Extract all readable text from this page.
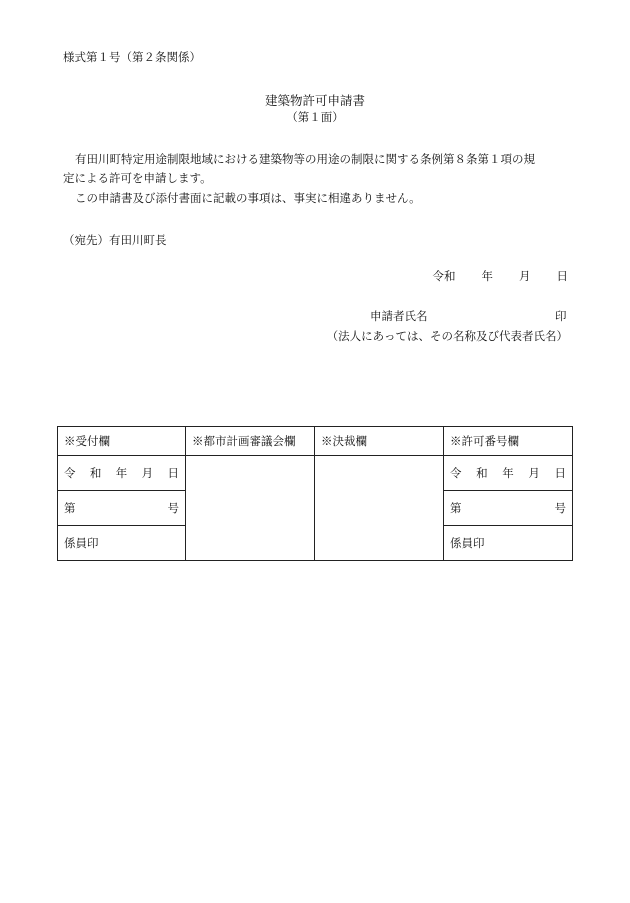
様式第１号（第２条関係）
建築物許可申請書
（第１面）
有田川町特定用途制限地域における建築物等の用途の制限に関する条例第８条第１項の規
定による許可を申請します。
この申請書及び添付書面に記載の事項は、事実に相違ありません。
（宛先）有田川町長
令和 年 月 日
申請者氏名	印
（法人にあっては、その名称及び代表者氏名）
※受付欄	※都市計画審議会欄	※決裁欄	※許可番号欄

令 和 年 月 日			令 和 年 月 日

第 号			第 号

係員印			係員印
